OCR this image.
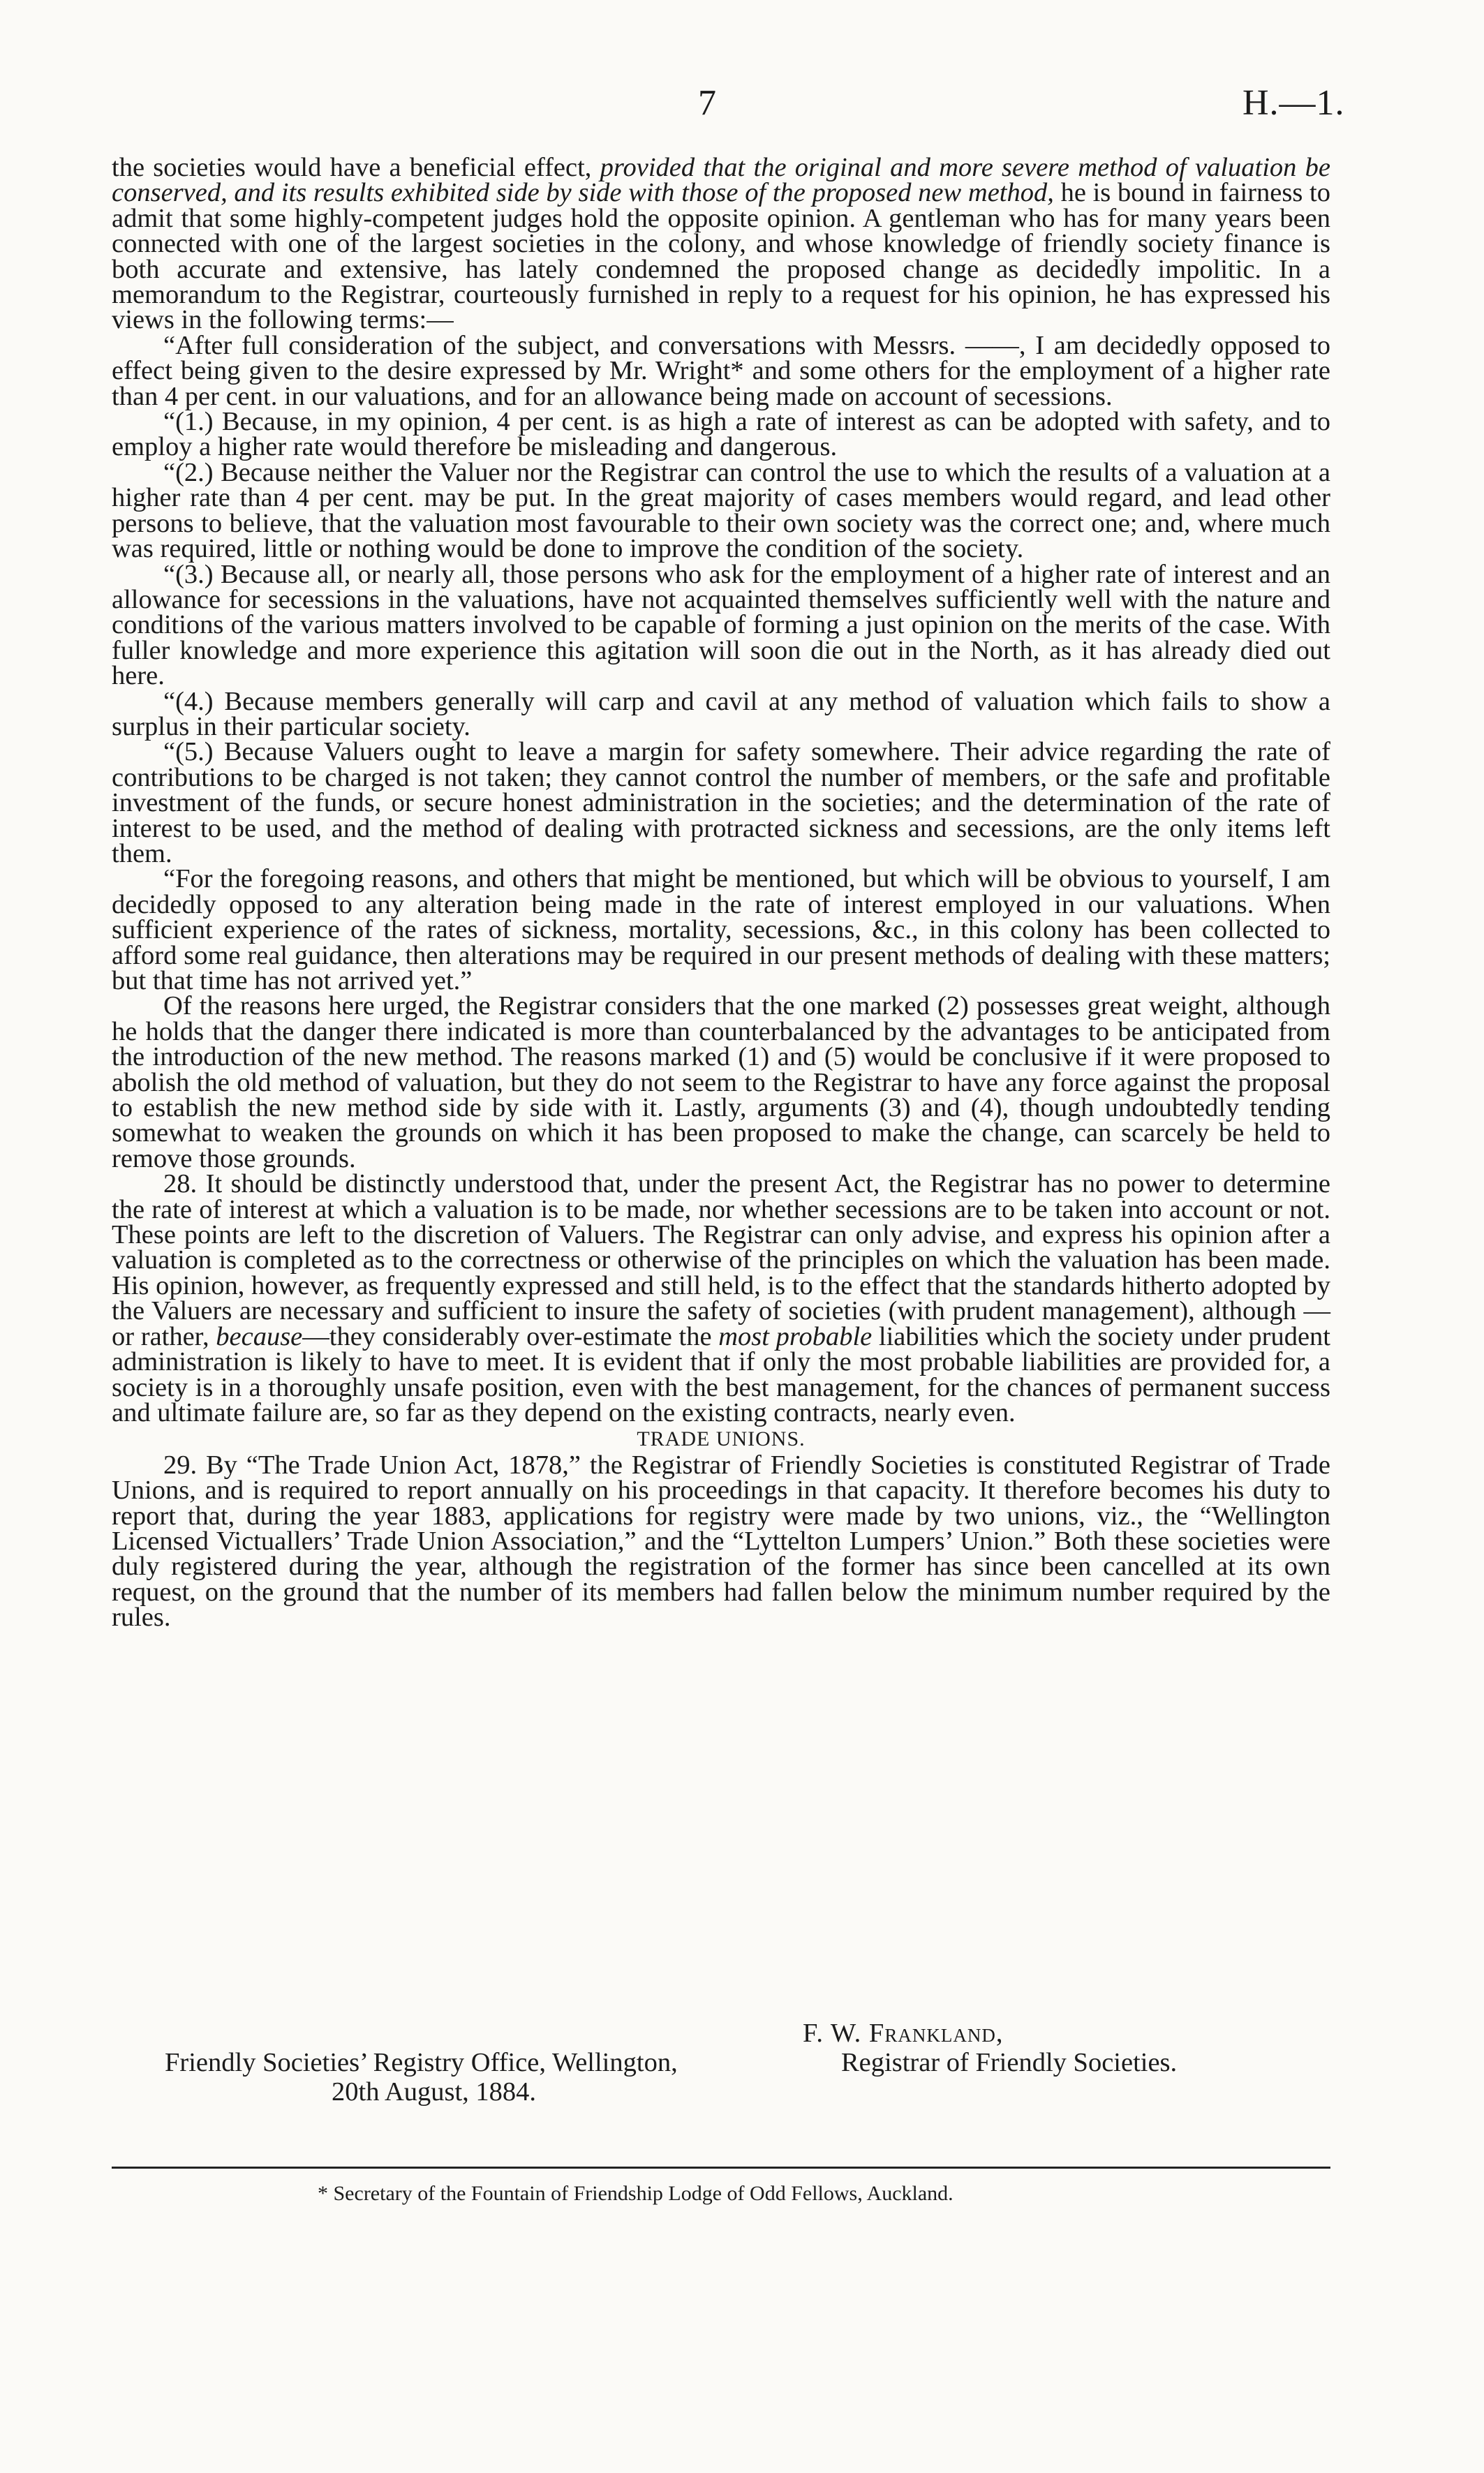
7	H.—1.

the societies would have a beneficial effect, provided that the original and more severe method of valuation be conserved, and its results exhibited side by side with those of the proposed new method, he is bound in fairness to admit that some highly-competent judges hold the opposite opinion. A gentleman who has for many years been connected with one of the largest societies in the colony, and whose knowledge of friendly society finance is both accurate and extensive, has lately condemned the proposed change as decidedly impolitic. In a memorandum to the Registrar, courteously furnished in reply to a request for his opinion, he has expressed his views in the following terms:—

“After full consideration of the subject, and conversations with Messrs. ——, I am decidedly opposed to effect being given to the desire expressed by Mr. Wright* and some others for the employment of a higher rate than 4 per cent. in our valuations, and for an allowance being made on account of secessions.

“(1.) Because, in my opinion, 4 per cent. is as high a rate of interest as can be adopted with safety, and to employ a higher rate would therefore be misleading and dangerous.

“(2.) Because neither the Valuer nor the Registrar can control the use to which the results of a valuation at a higher rate than 4 per cent. may be put. In the great majority of cases members would regard, and lead other persons to believe, that the valuation most favourable to their own society was the correct one; and, where much was required, little or nothing would be done to improve the condition of the society.

“(3.) Because all, or nearly all, those persons who ask for the employment of a higher rate of interest and an allowance for secessions in the valuations, have not acquainted themselves sufficiently well with the nature and conditions of the various matters involved to be capable of forming a just opinion on the merits of the case. With fuller knowledge and more experience this agitation will soon die out in the North, as it has already died out here.

“(4.) Because members generally will carp and cavil at any method of valuation which fails to show a surplus in their particular society.

“(5.) Because Valuers ought to leave a margin for safety somewhere. Their advice regarding the rate of contributions to be charged is not taken; they cannot control the number of members, or the safe and profitable investment of the funds, or secure honest administration in the societies; and the determination of the rate of interest to be used, and the method of dealing with protracted sickness and secessions, are the only items left them.

“For the foregoing reasons, and others that might be mentioned, but which will be obvious to yourself, I am decidedly opposed to any alteration being made in the rate of interest employed in our valuations. When sufficient experience of the rates of sickness, mortality, secessions, &c., in this colony has been collected to afford some real guidance, then alterations may be required in our present methods of dealing with these matters; but that time has not arrived yet.”

Of the reasons here urged, the Registrar considers that the one marked (2) possesses great weight, although he holds that the danger there indicated is more than counterbalanced by the advantages to be anticipated from the introduction of the new method. The reasons marked (1) and (5) would be conclusive if it were proposed to abolish the old method of valuation, but they do not seem to the Registrar to have any force against the proposal to establish the new method side by side with it. Lastly, arguments (3) and (4), though undoubtedly tending somewhat to weaken the grounds on which it has been proposed to make the change, can scarcely be held to remove those grounds.

28. It should be distinctly understood that, under the present Act, the Registrar has no power to determine the rate of interest at which a valuation is to be made, nor whether secessions are to be taken into account or not. These points are left to the discretion of Valuers. The Registrar can only advise, and express his opinion after a valuation is completed as to the correctness or otherwise of the principles on which the valuation has been made. His opinion, however, as frequently expressed and still held, is to the effect that the standards hitherto adopted by the Valuers are necessary and sufficient to insure the safety of societies (with prudent management), although —or rather, because—they considerably over-estimate the most probable liabilities which the society under prudent administration is likely to have to meet. It is evident that if only the most probable liabilities are provided for, a society is in a thoroughly unsafe position, even with the best management, for the chances of permanent success and ultimate failure are, so far as they depend on the existing contracts, nearly even.

TRADE UNIONS.

29. By “The Trade Union Act, 1878,” the Registrar of Friendly Societies is constituted Registrar of Trade Unions, and is required to report annually on his proceedings in that capacity. It therefore becomes his duty to report that, during the year 1883, applications for registry were made by two unions, viz., the “Wellington Licensed Victuallers’ Trade Union Association,” and the “Lyttelton Lumpers’ Union.” Both these societies were duly registered during the year, although the registration of the former has since been cancelled at its own request, on the ground that the number of its members had fallen below the minimum number required by the rules.

F. W. Frankland,
Registrar of Friendly Societies.
Friendly Societies’ Registry Office, Wellington,
20th August, 1884.
* Secretary of the Fountain of Friendship Lodge of Odd Fellows, Auckland.
